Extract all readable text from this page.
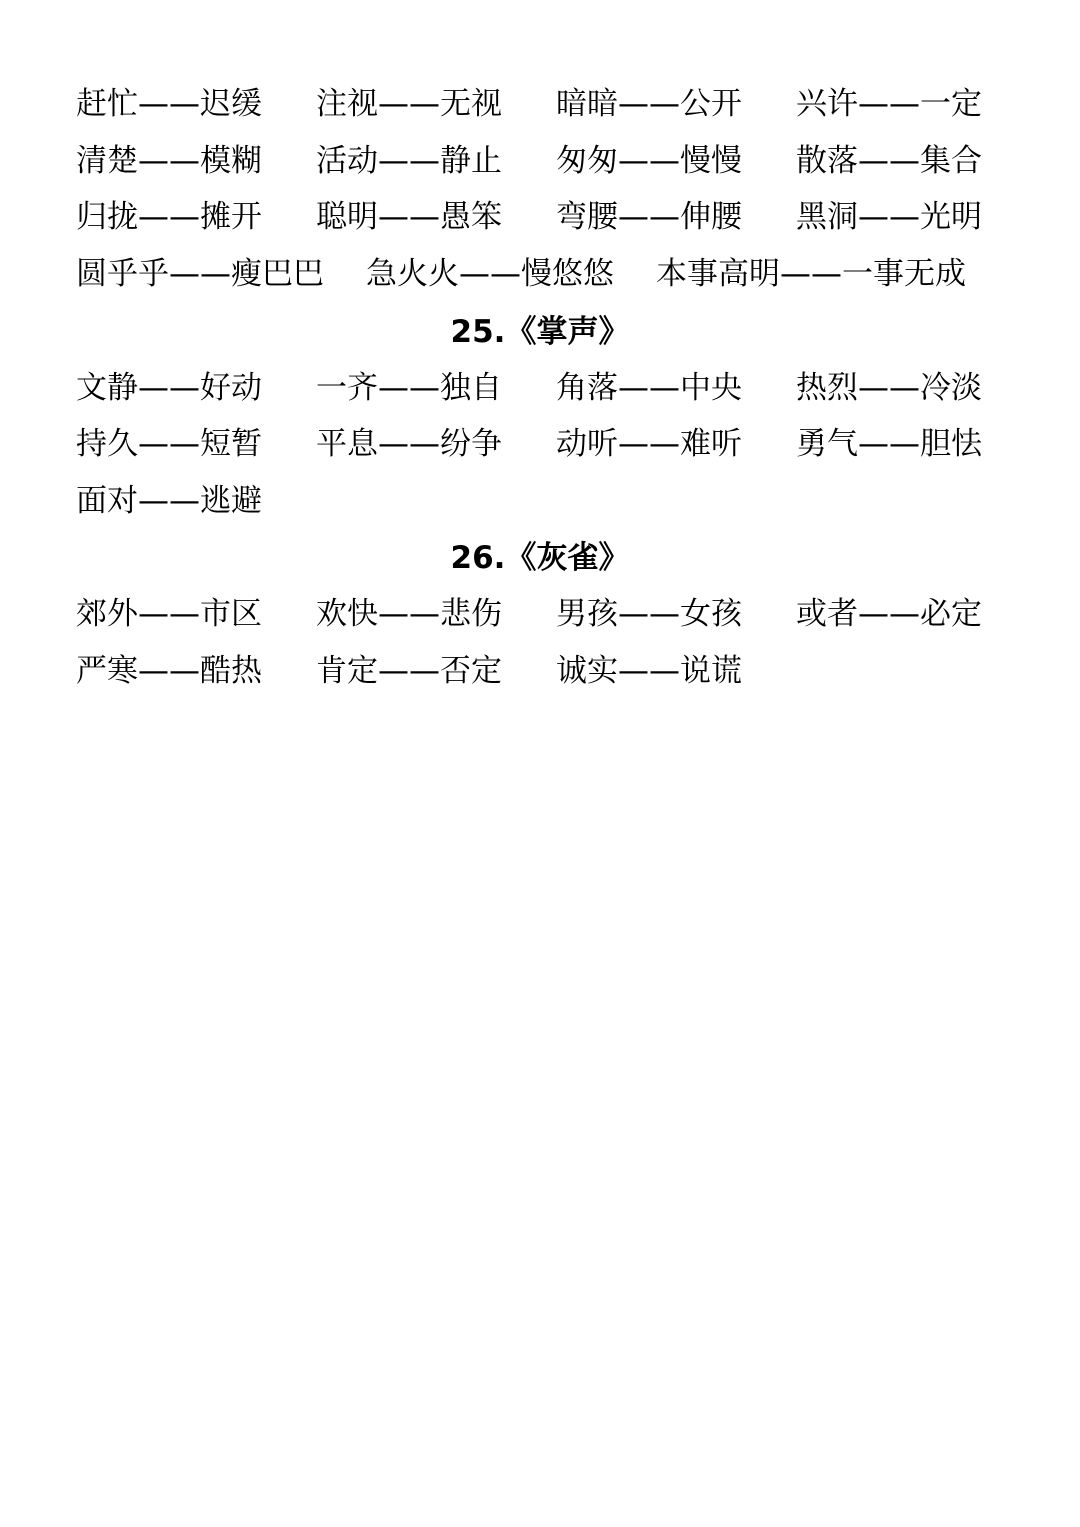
赶忙——迟缓 注视——无视 暗暗——公开 兴许——一定
清楚——模糊 活动——静止 匆匆——慢慢 散落——集合
归拢——摊开 聪明——愚笨 弯腰——伸腰 黑洞——光明
圆乎乎——瘦巴巴 急火火——慢悠悠 本事高明——一事无成
25.《掌声》
文静——好动 一齐——独自 角落——中央 热烈——冷淡
持久——短暂 平息——纷争 动听——难听 勇气——胆怯
面对——逃避
26.《灰雀》
郊外——市区 欢快——悲伤 男孩——女孩 或者——必定
严寒——酷热 肯定——否定 诚实——说谎
